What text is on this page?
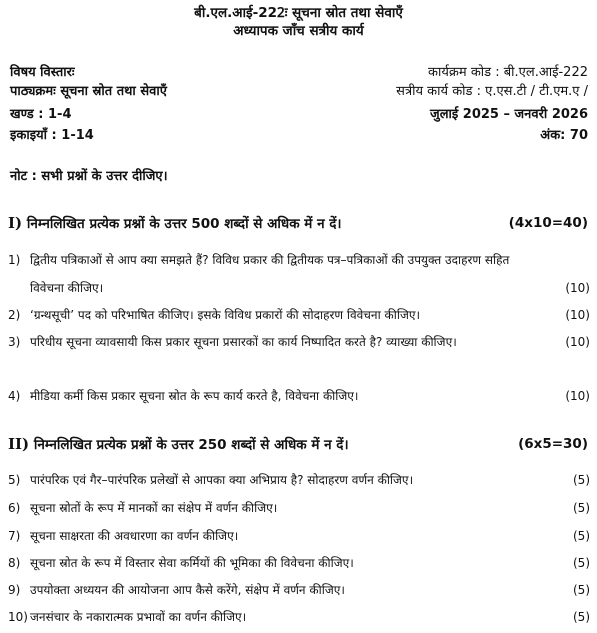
बी.एल.आई-222ः सूचना स्रोत तथा सेवाएँ
अध्यापक जाँच सत्रीय कार्य
विषय विस्तारः
पाठ्यक्रमः सूचना स्रोत तथा सेवाएँ
खण्ड : 1-4
इकाइयाँ : 1-14
कार्यक्रम कोड : बी.एल.आई-222
सत्रीय कार्य कोड : ए.एस.टी / टी.एम.ए /
जुलाई 2025 – जनवरी 2026
अंक: 70
नोट : सभी प्रश्नों के उत्तर दीजिए।
I) निम्नलिखित प्रत्येक प्रश्नों के उत्तर 500 शब्दों से अधिक में न दें।	(4x10=40)
1) द्वितीय पत्रिकाओं से आप क्या समझते हैं? विविध प्रकार की द्वितीयक पत्र–पत्रिकाओं की उपयुक्त उदाहरण सहित विवेचना कीजिए।	(10)
2) ‘ग्रन्थसूची’ पद को परिभाषित कीजिए। इसके विविध प्रकारों की सोदाहरण विवेचना कीजिए।	(10)
3) परिधीय सूचना व्यावसायी किस प्रकार सूचना प्रसारकों का कार्य निष्पादित करते है? व्याख्या कीजिए।	(10)
4) मीडिया कर्मी किस प्रकार सूचना स्रोत के रूप कार्य करते है, विवेचना कीजिए।	(10)
II) निम्नलिखित प्रत्येक प्रश्नों के उत्तर 250 शब्दों से अधिक में न दें।	(6x5=30)
5) पारंपरिक एवं गैर–पारंपरिक प्रलेखों से आपका क्या अभिप्राय है? सोदाहरण वर्णन कीजिए।	(5)
6) सूचना स्रोतों के रूप में मानकों का संक्षेप में वर्णन कीजिए।	(5)
7) सूचना साक्षरता की अवधारणा का वर्णन कीजिए।	(5)
8) सूचना स्रोत के रूप में विस्तार सेवा कर्मियों की भूमिका की विवेचना कीजिए।	(5)
9) उपयोक्ता अध्ययन की आयोजना आप कैसे करेंगे, संक्षेप में वर्णन कीजिए।	(5)
10) जनसंचार के नकारात्मक प्रभावों का वर्णन कीजिए।	(5)
